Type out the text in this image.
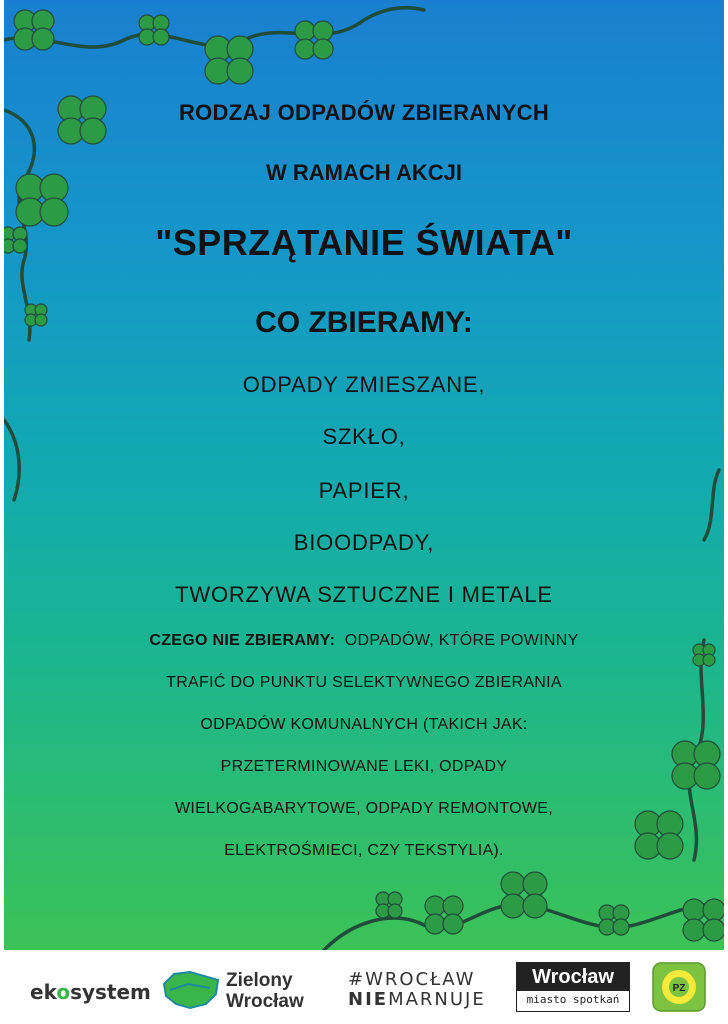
RODZAJ ODPADÓW ZBIERANYCH

W RAMACH AKCJI

"SPRZĄTANIE ŚWIATA"

CO ZBIERAMY:

ODPADY ZMIESZANE,

SZKŁO,

PAPIER,

BIOODPADY,

TWORZYWA SZTUCZNE I METALE

CZEGO NIE ZBIERAMY: ODPADÓW, KTÓRE POWINNY
TRAFIĆ DO PUNKTU SELEKTYWNEGO ZBIERANIA
ODPADÓW KOMUNALNYCH (TAKICH JAK:
PRZETERMINOWANE LEKI, ODPADY
WIELKOGABARYTOWE, ODPADY REMONTOWE,
ELEKTROŚMIECI, CZY TEKSTYLIA).
ekosystem	Zielony
Wrocław
#WROCŁAW
NIEMARNUJE
Wrocław
miasto spotkań
PZ
